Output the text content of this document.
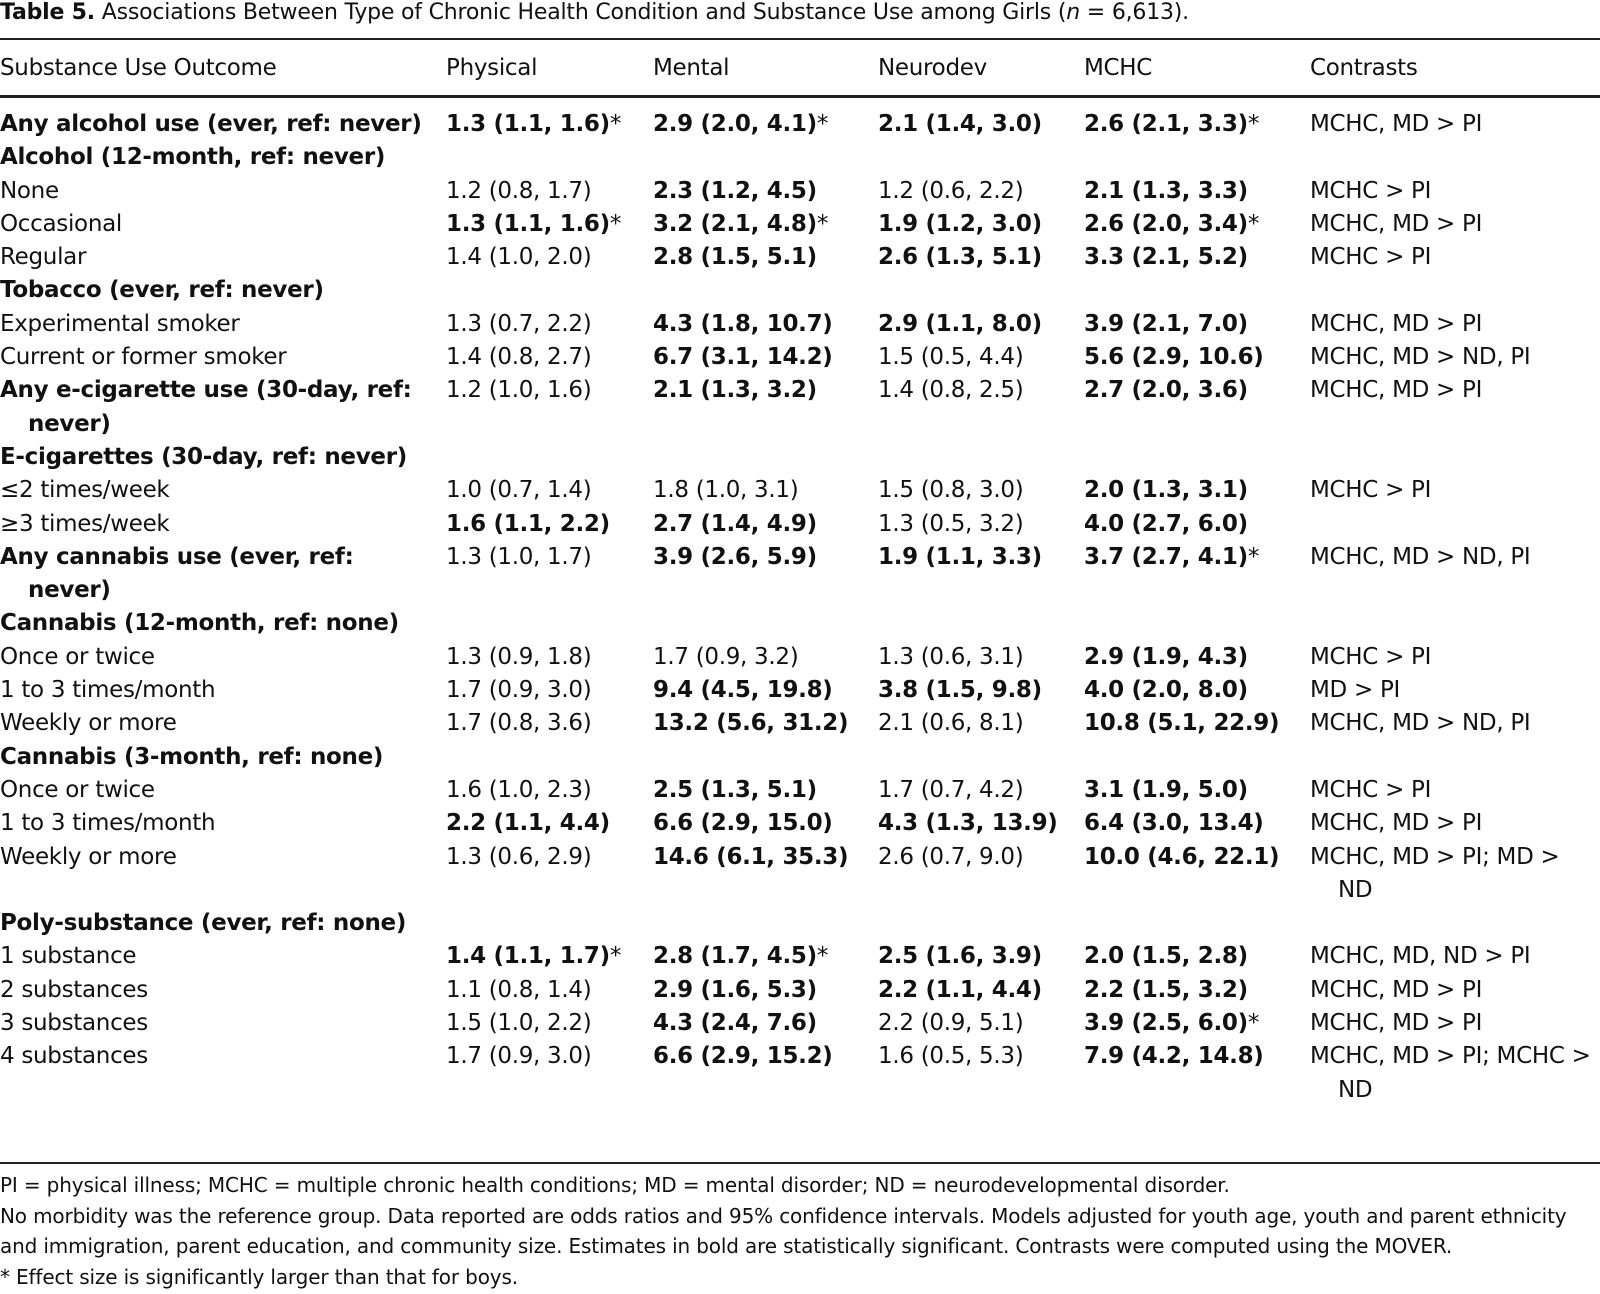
Table 5. Associations Between Type of Chronic Health Condition and Substance Use among Girls (n = 6,613).
Substance Use Outcome	Physical	Mental	Neurodev	MCHC	Contrasts
Any alcohol use (ever, ref: never)	1.3 (1.1, 1.6)*	2.9 (2.0, 4.1)*	2.1 (1.4, 3.0)	2.6 (2.1, 3.3)*	MCHC, MD > PI
Alcohol (12-month, ref: never)					
None	1.2 (0.8, 1.7)	2.3 (1.2, 4.5)	1.2 (0.6, 2.2)	2.1 (1.3, 3.3)	MCHC > PI
Occasional	1.3 (1.1, 1.6)*	3.2 (2.1, 4.8)*	1.9 (1.2, 3.0)	2.6 (2.0, 3.4)*	MCHC, MD > PI
Regular	1.4 (1.0, 2.0)	2.8 (1.5, 5.1)	2.6 (1.3, 5.1)	3.3 (2.1, 5.2)	MCHC > PI
Tobacco (ever, ref: never)					
Experimental smoker	1.3 (0.7, 2.2)	4.3 (1.8, 10.7)	2.9 (1.1, 8.0)	3.9 (2.1, 7.0)	MCHC, MD > PI
Current or former smoker	1.4 (0.8, 2.7)	6.7 (3.1, 14.2)	1.5 (0.5, 4.4)	5.6 (2.9, 10.6)	MCHC, MD > ND, PI
Any e-cigarette use (30-day, ref: never)	1.2 (1.0, 1.6)	2.1 (1.3, 3.2)	1.4 (0.8, 2.5)	2.7 (2.0, 3.6)	MCHC, MD > PI
E-cigarettes (30-day, ref: never)					
≤2 times/week	1.0 (0.7, 1.4)	1.8 (1.0, 3.1)	1.5 (0.8, 3.0)	2.0 (1.3, 3.1)	MCHC > PI
≥3 times/week	1.6 (1.1, 2.2)	2.7 (1.4, 4.9)	1.3 (0.5, 3.2)	4.0 (2.7, 6.0)	
Any cannabis use (ever, ref: never)	1.3 (1.0, 1.7)	3.9 (2.6, 5.9)	1.9 (1.1, 3.3)	3.7 (2.7, 4.1)*	MCHC, MD > ND, PI
Cannabis (12-month, ref: none)					
Once or twice	1.3 (0.9, 1.8)	1.7 (0.9, 3.2)	1.3 (0.6, 3.1)	2.9 (1.9, 4.3)	MCHC > PI
1 to 3 times/month	1.7 (0.9, 3.0)	9.4 (4.5, 19.8)	3.8 (1.5, 9.8)	4.0 (2.0, 8.0)	MD > PI
Weekly or more	1.7 (0.8, 3.6)	13.2 (5.6, 31.2)	2.1 (0.6, 8.1)	10.8 (5.1, 22.9)	MCHC, MD > ND, PI
Cannabis (3-month, ref: none)					
Once or twice	1.6 (1.0, 2.3)	2.5 (1.3, 5.1)	1.7 (0.7, 4.2)	3.1 (1.9, 5.0)	MCHC > PI
1 to 3 times/month	2.2 (1.1, 4.4)	6.6 (2.9, 15.0)	4.3 (1.3, 13.9)	6.4 (3.0, 13.4)	MCHC, MD > PI
Weekly or more	1.3 (0.6, 2.9)	14.6 (6.1, 35.3)	2.6 (0.7, 9.0)	10.0 (4.6, 22.1)	MCHC, MD > PI; MD > ND
Poly-substance (ever, ref: none)					
1 substance	1.4 (1.1, 1.7)*	2.8 (1.7, 4.5)*	2.5 (1.6, 3.9)	2.0 (1.5, 2.8)	MCHC, MD, ND > PI
2 substances	1.1 (0.8, 1.4)	2.9 (1.6, 5.3)	2.2 (1.1, 4.4)	2.2 (1.5, 3.2)	MCHC, MD > PI
3 substances	1.5 (1.0, 2.2)	4.3 (2.4, 7.6)	2.2 (0.9, 5.1)	3.9 (2.5, 6.0)*	MCHC, MD > PI
4 substances	1.7 (0.9, 3.0)	6.6 (2.9, 15.2)	1.6 (0.5, 5.3)	7.9 (4.2, 14.8)	MCHC, MD > PI; MCHC > ND
PI = physical illness; MCHC = multiple chronic health conditions; MD = mental disorder; ND = neurodevelopmental disorder.
No morbidity was the reference group. Data reported are odds ratios and 95% confidence intervals. Models adjusted for youth age, youth and parent ethnicity and immigration, parent education, and community size. Estimates in bold are statistically significant. Contrasts were computed using the MOVER.
* Effect size is significantly larger than that for boys.
